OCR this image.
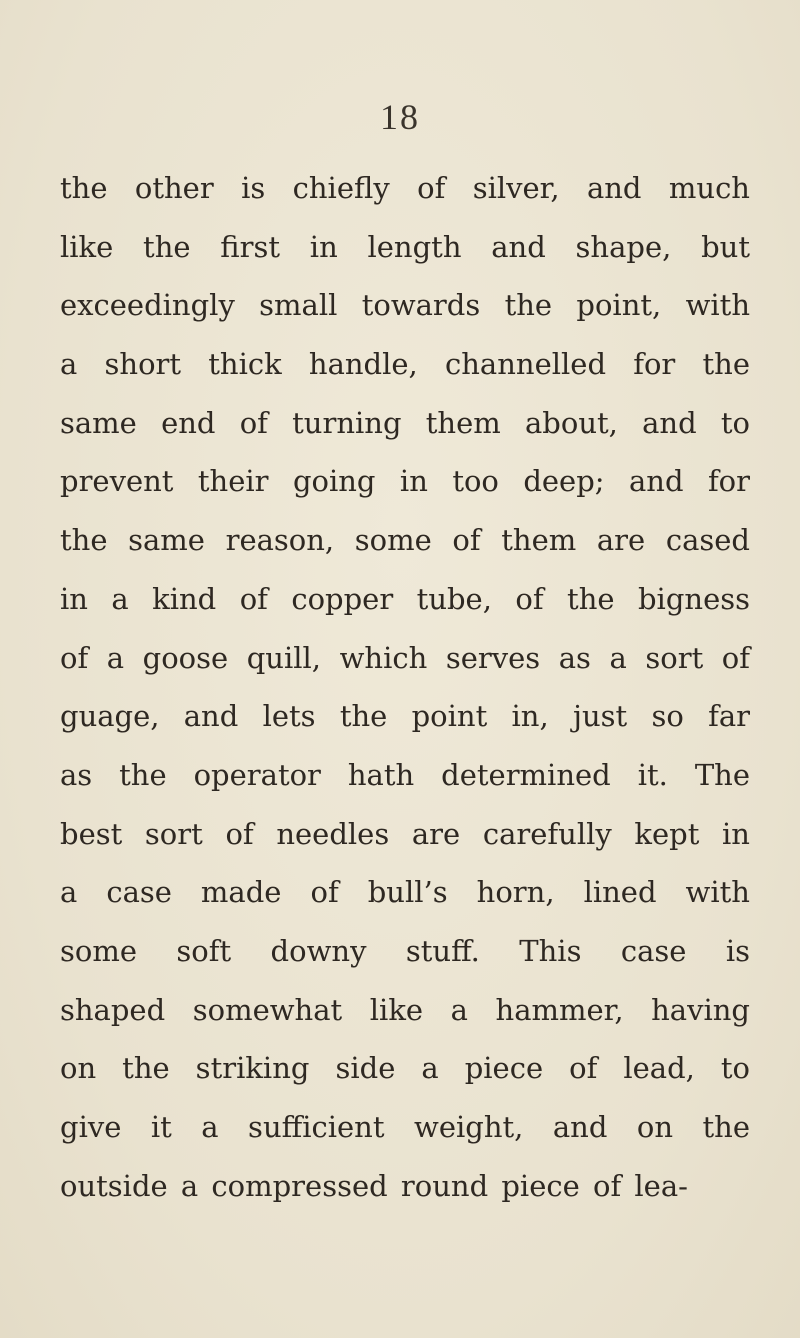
18
the other is chiefly of silver, and much
like the first in length and shape, but
exceedingly small towards the point, with
a short thick handle, channelled for the
same end of turning them about, and to
prevent their going in too deep; and for
the same reason, some of them are cased
in a kind of copper tube, of the bigness
of a goose quill, which serves as a sort of
guage, and lets the point in, just so far
as the operator hath determined it. The
best sort of needles are carefully kept in
a case made of bull’s horn, lined with
some soft downy stuff. This case is
shaped somewhat like a hammer, having
on the striking side a piece of lead, to
give it a sufficient weight, and on the
outside a compressed round piece of lea-
